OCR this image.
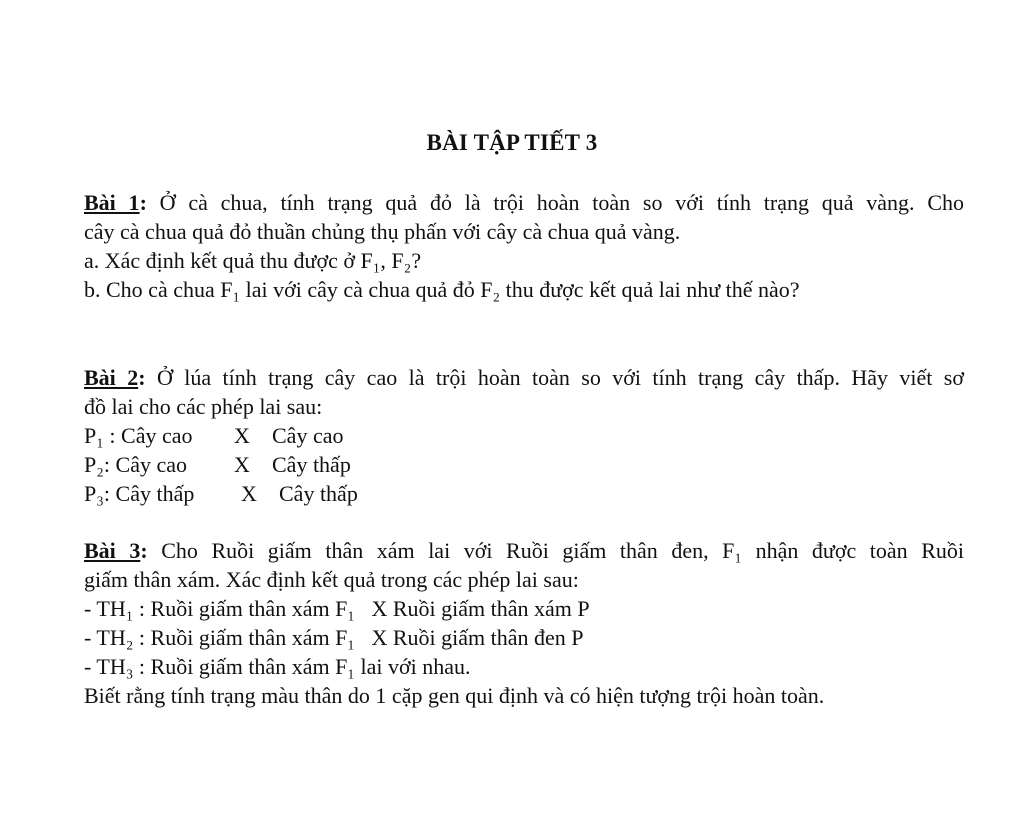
BÀI TẬP TIẾT 3
Bài 1: Ở cà chua, tính trạng quả đỏ là trội hoàn toàn so với tính trạng quả vàng. Cho
cây cà chua quả đỏ thuần chủng thụ phấn với cây cà chua quả vàng.
a. Xác định kết quả thu được ở F₁, F₂?
b. Cho cà chua F₁ lai với cây cà chua quả đỏ F₂ thu được kết quả lai như thế nào?
Bài 2: Ở lúa tính trạng cây cao là trội hoàn toàn so với tính trạng cây thấp. Hãy viết sơ
đồ lai cho các phép lai sau:
P₁ : Cây cao	X	Cây cao
P₂: Cây cao	X	Cây thấp
P₃: Cây thấp	X	Cây thấp
Bài 3: Cho Ruồi giấm thân xám lai với Ruồi giấm thân đen, F₁ nhận được toàn Ruồi
giấm thân xám. Xác định kết quả trong các phép lai sau:
- TH₁ : Ruồi giấm thân xám F₁   X Ruồi giấm thân xám P
- TH₂ : Ruồi giấm thân xám F₁   X Ruồi giấm thân đen P
- TH₃ : Ruồi giấm thân xám F₁ lai với nhau.
Biết rằng tính trạng màu thân do 1 cặp gen qui định và có hiện tượng trội hoàn toàn.
